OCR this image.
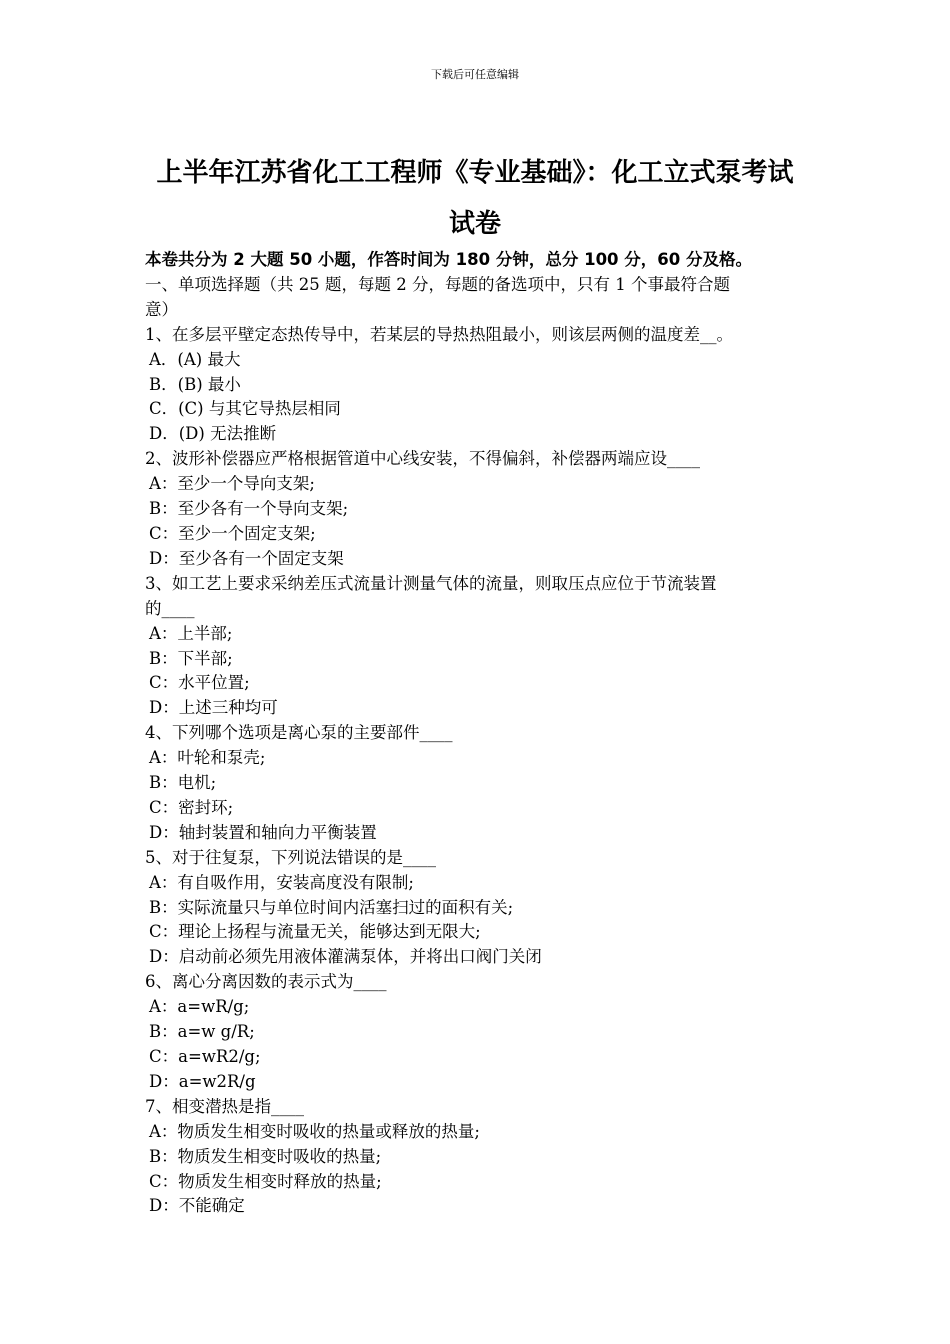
下载后可任意编辑
上半年江苏省化工工程师《专业基础》：化工立式泵考试
试卷
本卷共分为 2 大题 50 小题，作答时间为 180 分钟，总分 100 分，60 分及格。
一、单项选择题（共 25 题，每题 2 分，每题的备选项中，只有 1 个事最符合题
意）
1、在多层平壁定态热传导中，若某层的导热热阻最小，则该层两侧的温度差__。
A．(A) 最大
B．(B) 最小
C．(C) 与其它导热层相同
D．(D) 无法推断
2、波形补偿器应严格根据管道中心线安装，不得偏斜，补偿器两端应设____
A：至少一个导向支架;
B：至少各有一个导向支架;
C：至少一个固定支架;
D：至少各有一个固定支架
3、如工艺上要求采纳差压式流量计测量气体的流量，则取压点应位于节流装置
的____
A：上半部;
B：下半部;
C：水平位置;
D：上述三种均可
4、下列哪个选项是离心泵的主要部件____
A：叶轮和泵壳;
B：电机;
C：密封环;
D：轴封装置和轴向力平衡装置
5、对于往复泵，下列说法错误的是____
A：有自吸作用，安装高度没有限制;
B：实际流量只与单位时间内活塞扫过的面积有关;
C：理论上扬程与流量无关，能够达到无限大;
D：启动前必须先用液体灌满泵体，并将出口阀门关闭
6、离心分离因数的表示式为____
A：a=wR/g;
B：a=w g/R;
C：a=wR2/g;
D：a=w2R/g
7、相变潜热是指____
A：物质发生相变时吸收的热量或释放的热量;
B：物质发生相变时吸收的热量;
C：物质发生相变时释放的热量;
D：不能确定
